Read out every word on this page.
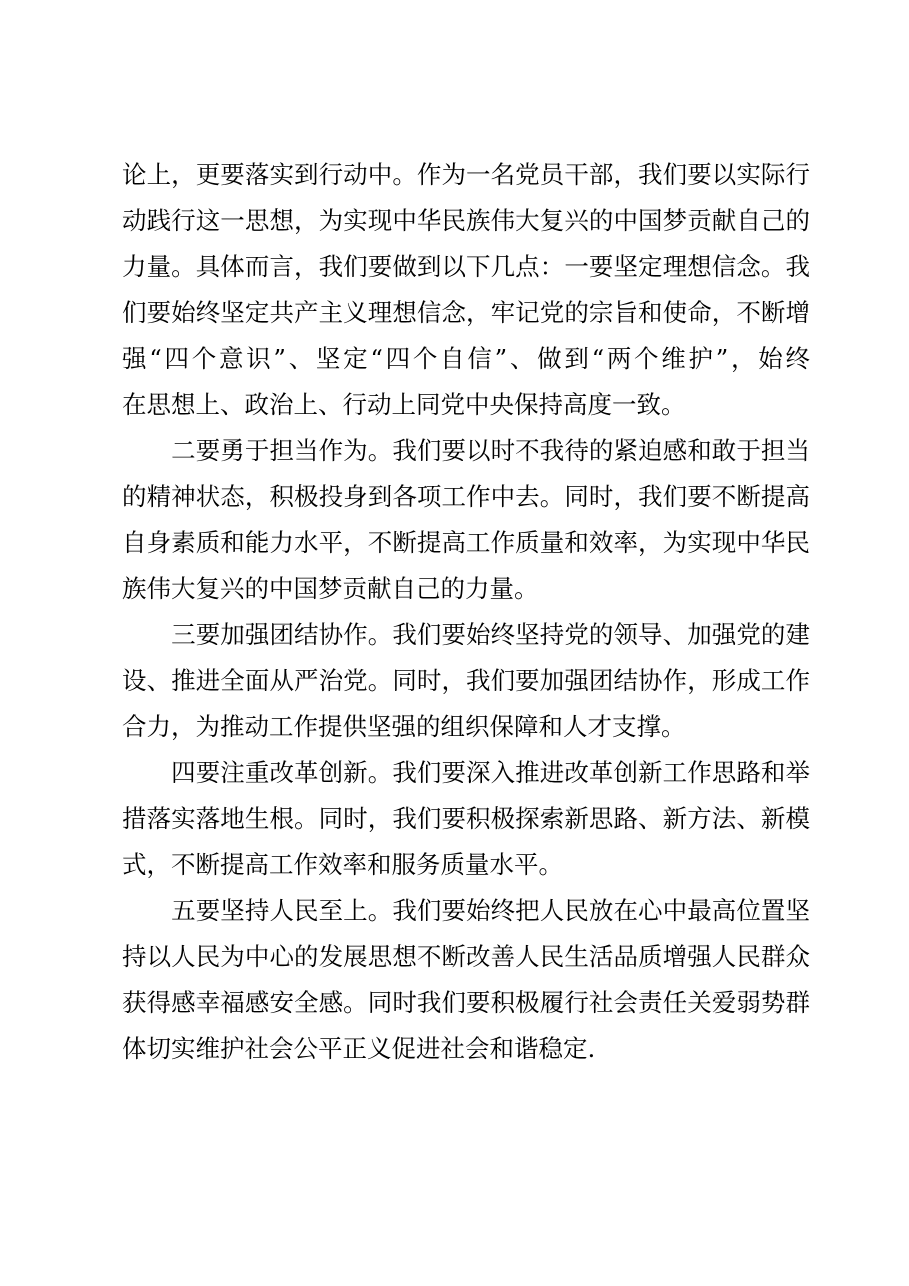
论上，更要落实到行动中。作为一名党员干部，我们要以实际行
动践行这一思想，为实现中华民族伟大复兴的中国梦贡献自己的
力量。具体而言，我们要做到以下几点：一要坚定理想信念。我
们要始终坚定共产主义理想信念，牢记党的宗旨和使命，不断增
强“四个意识”、坚定“四个自信”、做到“两个维护”，始终
在思想上、政治上、行动上同党中央保持高度一致。

　　二要勇于担当作为。我们要以时不我待的紧迫感和敢于担当
的精神状态，积极投身到各项工作中去。同时，我们要不断提高
自身素质和能力水平，不断提高工作质量和效率，为实现中华民
族伟大复兴的中国梦贡献自己的力量。

　　三要加强团结协作。我们要始终坚持党的领导、加强党的建
设、推进全面从严治党。同时，我们要加强团结协作，形成工作
合力，为推动工作提供坚强的组织保障和人才支撑。

　　四要注重改革创新。我们要深入推进改革创新工作思路和举
措落实落地生根。同时，我们要积极探索新思路、新方法、新模
式，不断提高工作效率和服务质量水平。

　　五要坚持人民至上。我们要始终把人民放在心中最高位置坚
持以人民为中心的发展思想不断改善人民生活品质增强人民群众
获得感幸福感安全感。同时我们要积极履行社会责任关爱弱势群
体切实维护社会公平正义促进社会和谐稳定.
